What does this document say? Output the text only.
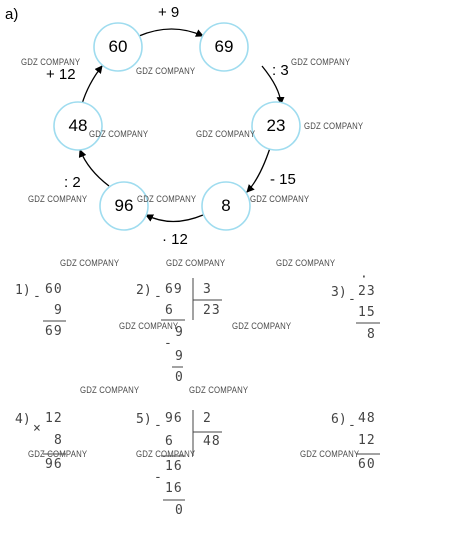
a)
60	69
23
8
96
48
+ 9
: 3
- 15
· 12
: 2
+ 12
1) - 60
9
69
2) - 69 3
23
6
9
-
9
0
3) -
·
23
15
8
4)
×
12
8
96
5) - 96 2
48
6
16
-
16
0
6) - 48
12
60
GDZ COMPANY
GDZ COMPANY
GDZ COMPANY
GDZ COMPANY	GDZ COMPANY
GDZ COMPANY
GDZ COMPANY	GDZ COMPANY	GDZ COMPANY
GDZ COMPANY	GDZ COMPANY	GDZ COMPANY
GDZ COMPANY	GDZ COMPANY
GDZ COMPANY	GDZ COMPANY
GDZ COMPANY	GDZ COMPANY	GDZ COMPANY
